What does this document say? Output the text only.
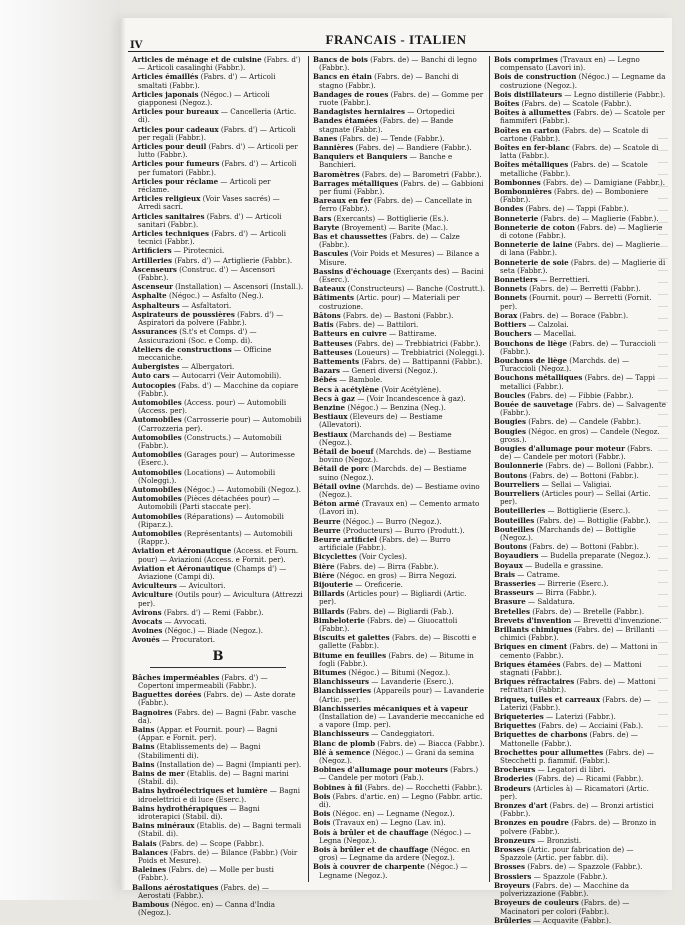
IV	FRANCAIS - ITALIEN
Articles de ménage et de cuisine (Fabrs. d') — Articoli casalinghi (Fabbr.).
Articles émaillés (Fabrs. d') — Articoli smaltati (Fabbr.).
Articles japonais (Négoc.) — Articoli giapponesi (Negoz.).
Articles pour bureaux — Cancelleria (Artic. di).
Articles pour cadeaux (Fabrs. d') — Articoli per regali (Fabbr.).
Articles pour deuil (Fabrs. d') — Articoli per lutto (Fabbr.).
Articles pour fumeurs (Fabrs. d') — Articoli per fumatori (Fabbr.).
Articles pour réclame — Articoli per réclame.
Articles religieux (Voir Vases sacrés) — Arredi sacri.
Articles sanitaires (Fabrs. d') — Articoli sanitari (Fabbr.).
Articles techniques (Fabrs. d') — Articoli tecnici (Fabbr.).
Artificiers — Pirotecnici.
Artilleries (Fabrs. d') — Artiglierie (Fabbr.).
Ascenseurs (Construc. d') — Ascensori (Fabbr.).
Ascenseur (Installation) — Ascensori (Install.).
Asphalte (Négoc.) — Asfalto (Neg.).
Asphalteurs — Asfaltatori.
Aspirateurs de poussières (Fabrs. d') — Aspiratori da polvere (Fabbr.).
Assurances (S.t's et Comps. d') — Assicurazioni (Soc. e Comp. di).
Ateliers de constructions — Officine meccaniche.
Aubergistes — Albergatori.
Auto cars — Autocarri (Veir Automobili).
Autocopies (Fabs. d') — Macchine da copiare (Fabbr.).
Automobiles (Access. pour) — Automobili (Access. per).
Automobiles (Carrosserie pour) — Automobili (Carrozzeria per).
Automobiles (Constructs.) — Automobili (Fabbr.).
Automobiles (Garages pour) — Autorimesse (Eserc.).
Automobiles (Locations) — Automobili (Noleggi.).
Automobiles (Négoc.) — Automobili (Negoz.).
Automobiles (Pièces détachées pour) — Automobili (Parti staccate per).
Automobiles (Réparations) — Automobili (Ripar.z.).
Automobiles (Représentants) — Automobili (Rappr.).
Aviation et Aéronautique (Access. et Fourn. pour) — Aviazioni (Access. e Fornit. per).
Aviation et Aéronautique (Champs d') — Aviazione (Campi di).
Aviculteurs — Avicultori.
Aviculture (Outils pour) — Avicultura (Attrezzi per).
Avirons (Fabrs. d') — Remi (Fabbr.).
Avocats — Avvocati.
Avoines (Négoc.) — Biade (Negoz.).
Avoués — Procuratori.
B
Bâches imperméables (Fabrs. d') — Copertoni impermeabili (Fabbr.).
Baguettes dorées (Fabrs. de) — Aste dorate (Fabbr.).
Bagnoires (Fabrs. de) — Bagni (Fabr. vasche da).
Bains (Appar. et Fournit. pour) — Bagni (Appar. e Fornit. per).
Bains (Etablissements de) — Bagni (Stabilimenti di).
Bains (Installation de) — Bagni (Impianti per).
Bains de mer (Etablis. de) — Bagni marini (Stabil. di).
Bains hydroélectriques et lumière — Bagni idroelettrici e di luce (Eserc.).
Bains hydrothérapiques — Bagni idroterapici (Stabil. di).
Bains minéraux (Etablis. de) — Bagni termali (Stabil. di).
Balais (Fabrs. de) — Scope (Fabbr.).
Balances (Fabrs. de) — Bilance (Fabbr.) (Voir Poids et Mesure).
Baleines (Fabrs. de) — Molle per busti (Fabbr.).
Ballons aérostatiques (Fabrs. de) — Aerostati (Fabbr.).
Bambous (Négoc. en) — Canna d'India (Negoz.).
Bancs de bois (Fabrs. de) — Banchi di legno (Fabbr.).
Bancs en étain (Fabrs. de) — Banchi di stagno (Fabbr.).
Bandages de roues (Fabrs. de) — Gomme per ruote (Fabbr.).
Bandagistes herniaires — Ortopedici
Bandes étamées (Fabrs. de) — Bande stagnate (Fabbr.).
Banes (Fabrs. de) — Tende (Fabbr.).
Bannières (Fabrs. de) — Bandiere (Fabbr.).
Banquiers et Banquiers — Banche e Banchieri.
Baromètres (Fabrs. de) — Barometri (Fabbr.).
Barrages métalliques (Fabrs. de) — Gabbioni per fiumi (Fabbr.).
Bareaux en fer (Fabrs. de) — Cancellate in ferro (Fabbr.).
Bars (Exercants) — Bottiglierie (Es.).
Baryte (Broyement) — Barite (Mac.).
Bas et chaussettes (Fabrs. de) — Calze (Fabbr.).
Bascules (Voir Poids et Mesures) — Bilance a Misure.
Bassins d'échouage (Exerçants des) — Bacini (Eserc.).
Bateaux (Constructeurs) — Banche (Costrutt.).
Bâtiments (Artic. pour) — Materiali per costruzione.
Bâtons (Fabrs. de) — Bastoni (Fabbr.).
Batis (Fabrs. de) — Battilori.
Batteurs en cuivre — Battirame.
Batteuses (Fabrs. de) — Trebbiatrici (Fabbr.).
Batteuses (Loueurs) — Trebbiatrici (Noleggi.).
Battements (Fabrs. de) — Battipanni (Fabbr.).
Bazars — Generi diversi (Negoz.).
Bébés — Bambole.
Becs à acétylène (Voir Acétylène).
Becs à gaz — (Voir Incandescence à gaz).
Benzine (Négoc.) — Benzina (Neg.).
Bestiaux (Eleveurs de) — Bestiame (Allevatori).
Bestiaux (Marchands de) — Bestiame (Negoz.).
Bétail de boeuf (Marchds. de) — Bestiame bovino (Negoz.).
Bétail de porc (Marchds. de) — Bestiame suino (Negoz.).
Bétail ovine (Marchds. de) — Bestiame ovino (Negoz.).
Béton armé (Travaux en) — Cemento armato (Lavori in).
Beurre (Négoc.) — Burro (Negoz.).
Beurre (Producteurs) — Burro (Produtt.).
Beurre artificiel (Fabrs. de) — Burro artificiale (Fabbr.).
Bicyclettes (Voir Cycles).
Bière (Fabrs. de) — Birra (Fabbr.).
Bière (Négoc. en gros) — Birra Negozi.
Bijouterie — Oreficerie.
Billards (Articles pour) — Bigliardi (Artic. per).
Billards (Fabrs. de) — Bigliardi (Fab.).
Bimbeloterie (Fabrs. de) — Giuocattoli (Fabbr.).
Biscuits et galettes (Fabrs. de) — Biscotti e gallette (Fabbr.).
Bitume en feuilles (Fabrs. de) — Bitume in fogli (Fabbr.).
Bitumes (Négoc.) — Bitumi (Negoz.).
Blanchisseurs — Lavanderie (Eserc.).
Blanchisseries (Appareils pour) — Lavanderie (Artic. per).
Blanchisseries mécaniques et à vapeur (Installation de) — Lavanderie meccaniche ed a vapore (Imp. per).
Blanchisseurs — Candeggiatori.
Blanc de plomb (Fabrs. de) — Biacca (Fabbr.).
Blé à semence (Négoc.) — Grani da semina (Negoz.).
Bobines d'allumage pour moteurs (Fabrs.) — Candele per motori (Fab.).
Bobines à fil (Fabrs. de) — Rocchetti (Fabbr.).
Bois (Fabrs. d'artic. en) — Legno (Fabbr. artic. di).
Bois (Négoc. en) — Legname (Negoz.).
Bois (Travaux en) — Legno (Lav. in).
Bois à brûler et de chauffage (Négoc.) — Legna (Negoz.).
Bois à brûler et de chauffage (Négoc. en gros) — Legname da ardere (Negoz.).
Bois à couvrer de charpente (Négoc.) — Legname (Negoz.).
Bois comprimes (Travaux en) — Legno compensato (Lavori in).
Bois de construction (Négoc.) — Legname da costruzione (Negoz.).
Bois distillateurs — Legno distillerie (Fabbr.).
Boîtes (Fabrs. de) — Scatole (Fabbr.).
Boîtes à allumettes (Fabrs. de) — Scatole per fiammiferi (Fabbr.).
Boîtes en carton (Fabrs. de) — Scatole di cartone (Fabbr.).
Boîtes en fer-blanc (Fabrs. de) — Scatole di latta (Fabbr.).
Boîtes métalliques (Fabrs. de) — Scatole metalliche (Fabbr.).
Bombonnes (Fabrs. de) — Damigiane (Fabbr.).
Bombonnières (Fabrs. de) — Bomboniere (Fabbr.).
Bondes (Fabrs. de) — Tappi (Fabbr.).
Bonneterie (Fabrs. de) — Maglierie (Fabbr.).
Bonneterie de coton (Fabrs. de) — Maglierie di cotone (Fabbr.).
Bonneterie de laine (Fabrs. de) — Maglierie di lana (Fabbr.).
Bonneterie de soie (Fabrs. de) — Maglierie di seta (Fabbr.).
Bonnetiers — Berrettieri.
Bonnets (Fabrs. de) — Berretti (Fabbr.).
Bonnets (Fournit. pour) — Berretti (Fornit. per).
Borax (Fabrs. de) — Borace (Fabbr.).
Bottiers — Calzolai.
Bouchers — Macellai.
Bouchons de liège (Fabrs. de) — Turaccioli (Fabbr.).
Bouchons de liège (Marchds. de) — Turaccioli (Negoz.).
Bouchons métalliques (Fabrs. de) — Tappi metallici (Fabbr.).
Boucles (Fabrs. de) — Fibbie (Fabbr.).
Bouée de sauvetage (Fabrs. de) — Salvagente (Fabbr.).
Bougies (Fabrs. de) — Candele (Fabbr.).
Bougies (Négoc. en gros) — Candele (Negoz. gross.).
Bougies d'allumage pour moteur (Fabrs. de) — Candele per motori (Fabbr.).
Boulonnerie (Fabrs. de) — Bolloni (Fabbr.).
Boutons (Fabrs. de) — Bottoni (Fabbr.).
Bourreliers — Sellai — Valigiai.
Bourreliers (Articles pour) — Sellai (Artic. per).
Bouteilleries — Bottiglierie (Eserc.).
Bouteilles (Fabrs. de) — Bottiglie (Fabbr.).
Bouteilles (Marchands de) — Bottiglie (Negoz.).
Boutons (Fabrs. de) — Bottoni (Fabbr.).
Boyaudiers — Budella preparate (Negoz.).
Boyaux — Budella e grassine.
Brais — Catrame.
Brasseries — Birrerie (Eserc.).
Brasseurs — Birra (Fabbr.).
Brasure — Saldatura.
Bretelles (Fabrs. de) — Bretelle (Fabbr.).
Brevets d'invention — Brevetti d'invenzione.
Brillants chimiques (Fabrs. de) — Brillanti chimici (Fabbr.).
Briques en ciment (Fabrs. de) — Mattoni in cemento (Fabbr.).
Briques étamées (Fabrs. de) — Mattoni stagnati (Fabbr.).
Briques réfractaires (Fabrs. de) — Mattoni refrattari (Fabbr.).
Briques, tuiles et carreaux (Fabrs. de) — Laterizi (Fabbr.).
Briqueteries — Laterizi (Fabbr.).
Briquettes (Fabrs. de) — Acciaini (Fab.).
Briquettes de charbons (Fabrs. de) — Mattonelle (Fabbr.).
Brochettes pour allumettes (Fabrs. de) — Stecchetti p. fiammif. (Fabbr.).
Brocheurs — Legatori di libri.
Broderies (Fabrs. de) — Ricami (Fabbr.).
Brodeurs (Articles à) — Ricamatori (Artic. per).
Bronzes d'art (Fabrs. de) — Bronzi artistici (Fabbr.).
Bronzes en poudre (Fabrs. de) — Bronzo in polvere (Fabbr.).
Bronzeurs — Bronzisti.
Brosses (Artic. pour fabrication de) — Spazzole (Artic. per fabbr. di).
Brosses (Fabrs. de) — Spazzole (Fabbr.).
Brossiers — Spazzole (Fabbr.).
Broyeurs (Fabrs. de) — Macchine da polverizzazione (Fabbr.).
Broyeurs de couleurs (Fabrs. de) — Macinatori per colori (Fabbr.).
Brûleries — Acquavite (Fabbr.).
